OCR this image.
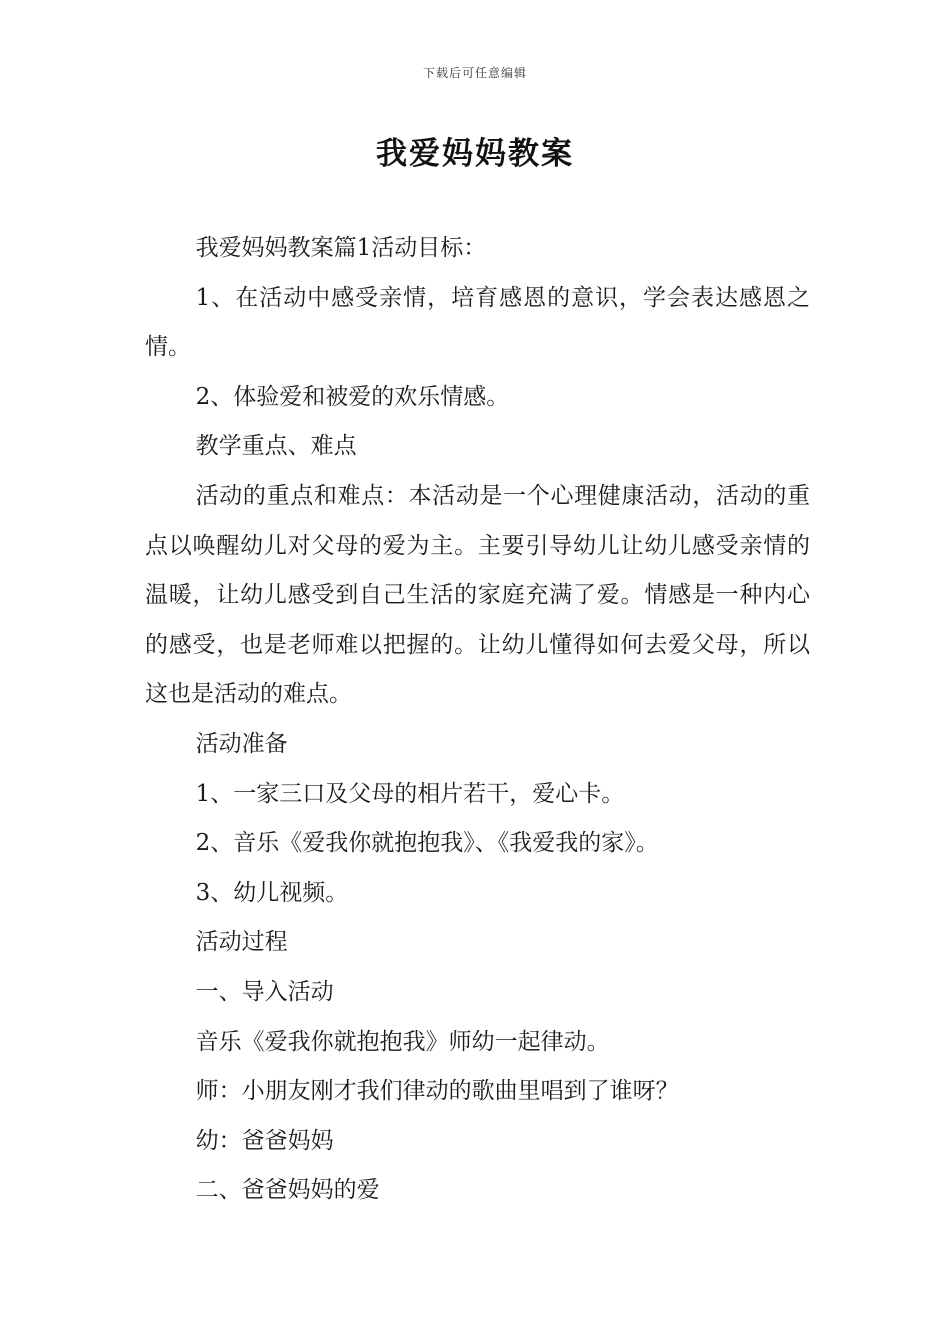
下载后可任意编辑
我爱妈妈教案

我爱妈妈教案篇1活动目标：

1、在活动中感受亲情，培育感恩的意识，学会表达感恩之情。

2、体验爱和被爱的欢乐情感。

教学重点、难点

活动的重点和难点：本活动是一个心理健康活动，活动的重点以唤醒幼儿对父母的爱为主。主要引导幼儿让幼儿感受亲情的温暖，让幼儿感受到自己生活的家庭充满了爱。情感是一种内心的感受，也是老师难以把握的。让幼儿懂得如何去爱父母，所以这也是活动的难点。

活动准备

1、一家三口及父母的相片若干，爱心卡。

2、音乐《爱我你就抱抱我》、《我爱我的家》。

3、幼儿视频。

活动过程

一、导入活动

音乐《爱我你就抱抱我》师幼一起律动。

师：小朋友刚才我们律动的歌曲里唱到了谁呀？

幼：爸爸妈妈

二、爸爸妈妈的爱
